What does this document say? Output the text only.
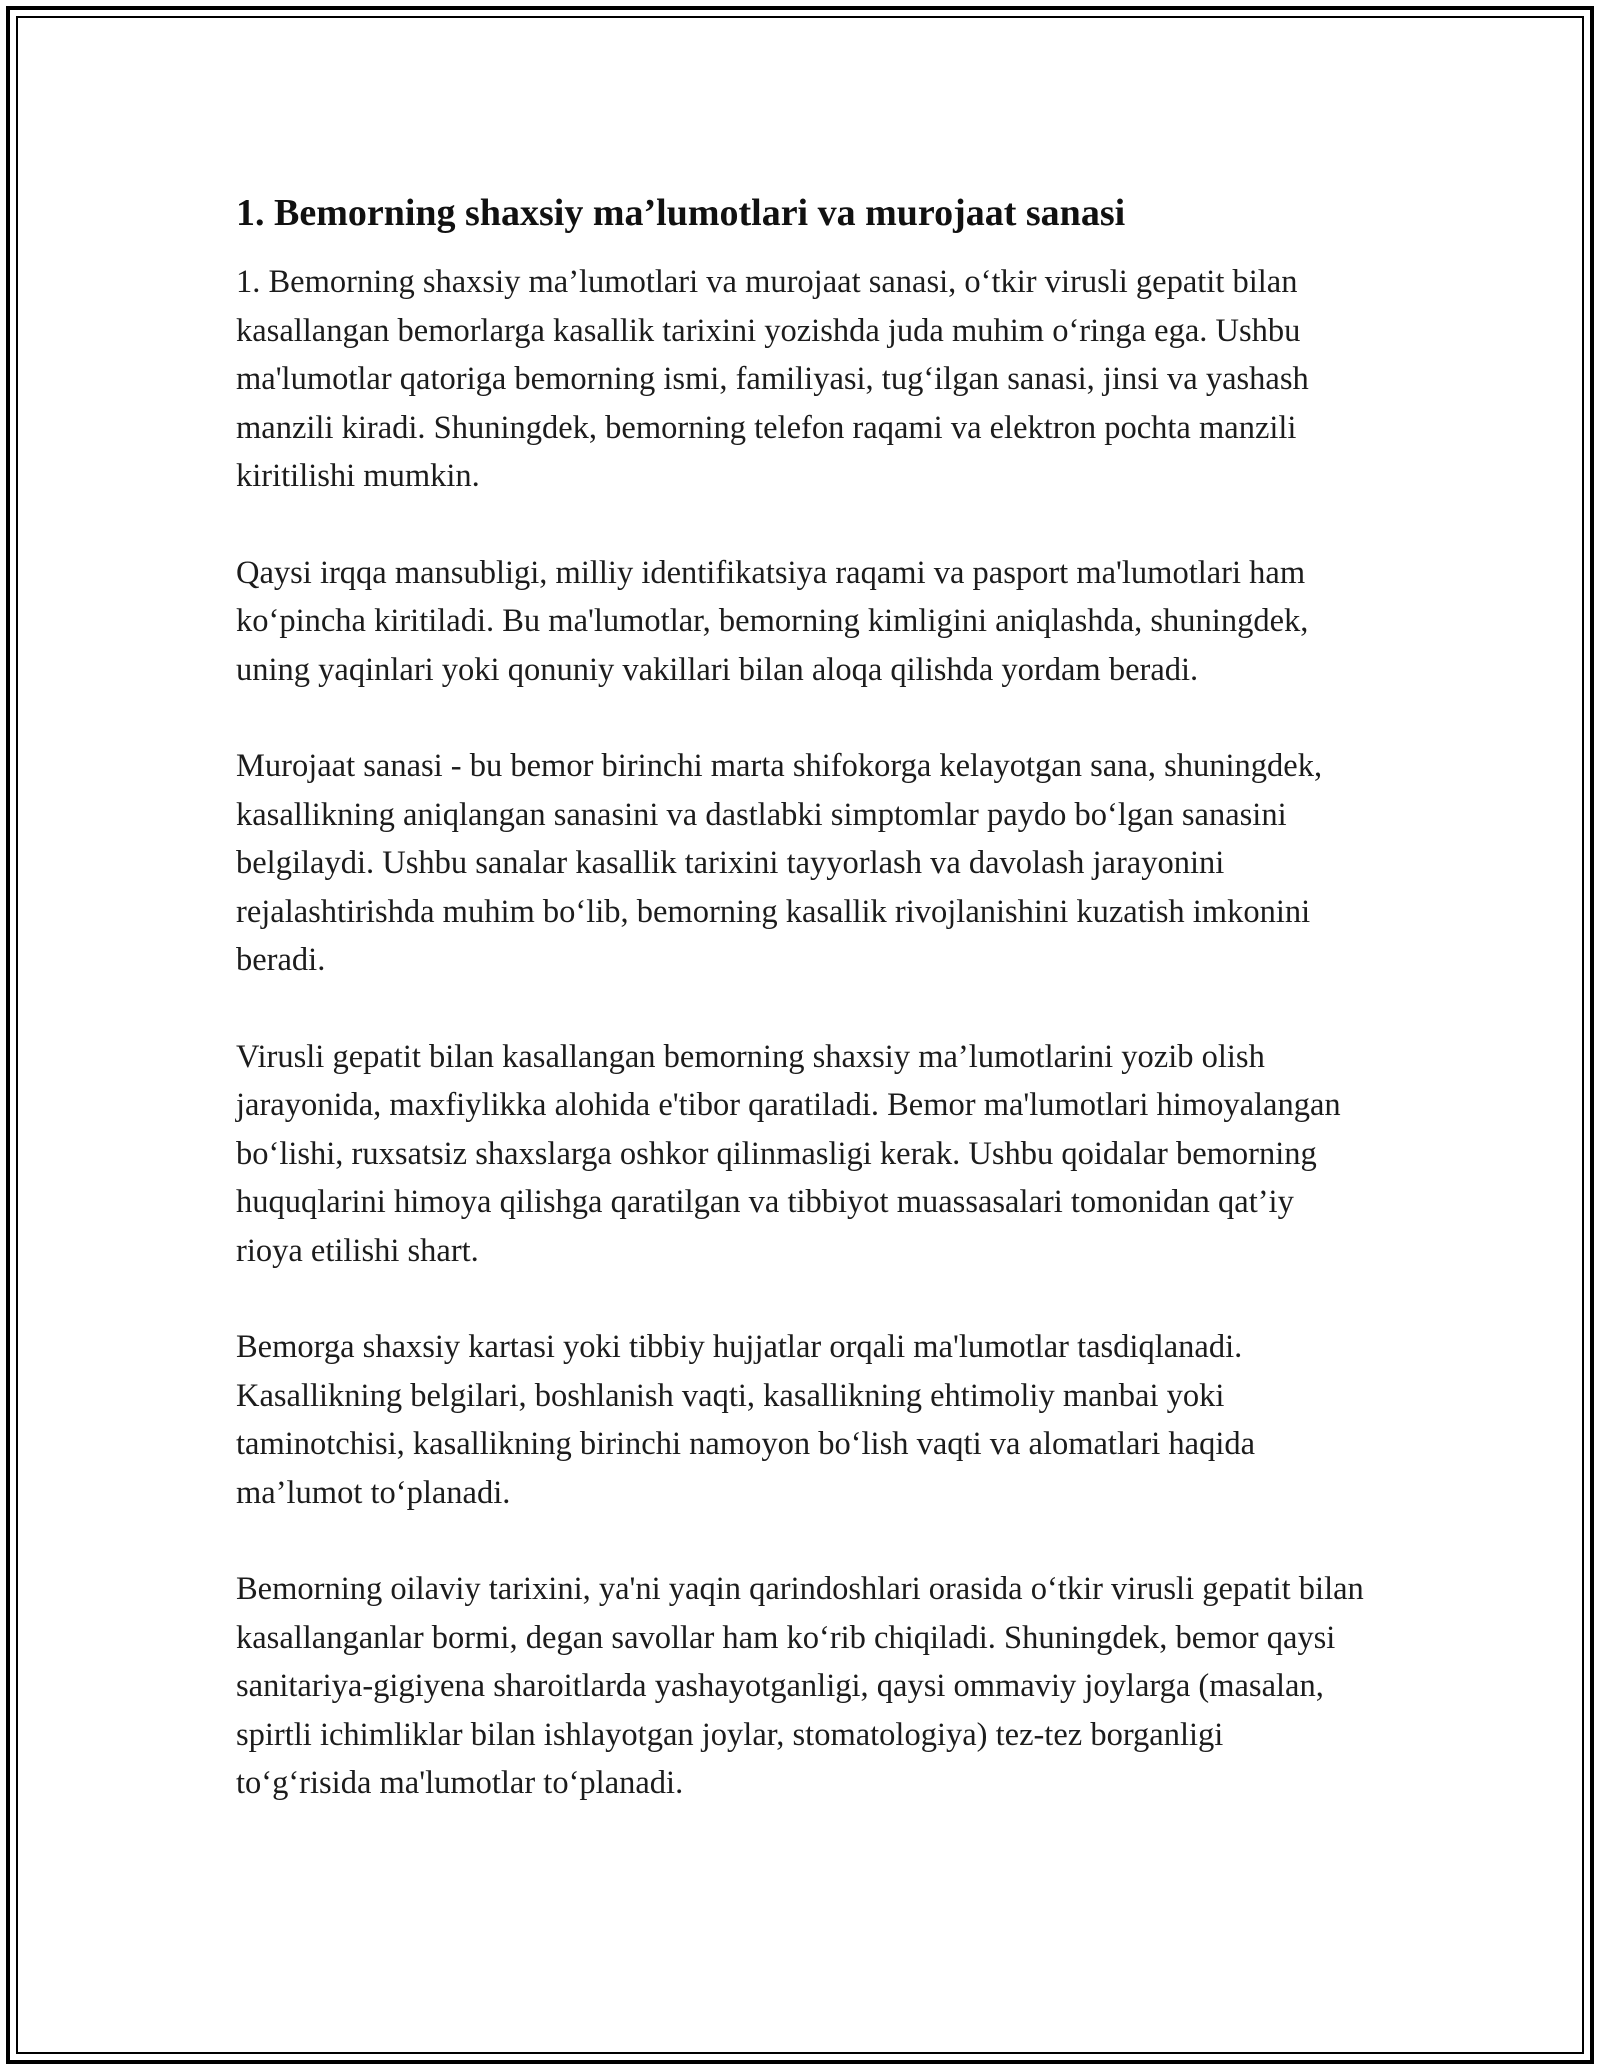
1. Bemorning shaxsiy ma’lumotlari va murojaat sanasi

1. Bemorning shaxsiy ma’lumotlari va murojaat sanasi, o‘tkir virusli gepatit bilan kasallangan bemorlarga kasallik tarixini yozishda juda muhim o‘ringa ega. Ushbu ma'lumotlar qatoriga bemorning ismi, familiyasi, tug‘ilgan sanasi, jinsi va yashash manzili kiradi. Shuningdek, bemorning telefon raqami va elektron pochta manzili kiritilishi mumkin.

Qaysi irqqa mansubligi, milliy identifikatsiya raqami va pasport ma'lumotlari ham ko‘pincha kiritiladi. Bu ma'lumotlar, bemorning kimligini aniqlashda, shuningdek, uning yaqinlari yoki qonuniy vakillari bilan aloqa qilishda yordam beradi.

Murojaat sanasi - bu bemor birinchi marta shifokorga kelayotgan sana, shuningdek, kasallikning aniqlangan sanasini va dastlabki simptomlar paydo bo‘lgan sanasini belgilaydi. Ushbu sanalar kasallik tarixini tayyorlash va davolash jarayonini rejalashtirishda muhim bo‘lib, bemorning kasallik rivojlanishini kuzatish imkonini beradi.

Virusli gepatit bilan kasallangan bemorning shaxsiy ma’lumotlarini yozib olish jarayonida, maxfiylikka alohida e'tibor qaratiladi. Bemor ma'lumotlari himoyalangan bo‘lishi, ruxsatsiz shaxslarga oshkor qilinmasligi kerak. Ushbu qoidalar bemorning huquqlarini himoya qilishga qaratilgan va tibbiyot muassasalari tomonidan qat’iy rioya etilishi shart.

Bemorga shaxsiy kartasi yoki tibbiy hujjatlar orqali ma'lumotlar tasdiqlanadi. Kasallikning belgilari, boshlanish vaqti, kasallikning ehtimoliy manbai yoki taminotchisi, kasallikning birinchi namoyon bo‘lish vaqti va alomatlari haqida ma’lumot to‘planadi.

Bemorning oilaviy tarixini, ya'ni yaqin qarindoshlari orasida o‘tkir virusli gepatit bilan kasallanganlar bormi, degan savollar ham ko‘rib chiqiladi. Shuningdek, bemor qaysi sanitariya-gigiyena sharoitlarda yashayotganligi, qaysi ommaviy joylarga (masalan, spirtli ichimliklar bilan ishlayotgan joylar, stomatologiya) tez-tez borganligi to‘g‘risida ma'lumotlar to‘planadi.
